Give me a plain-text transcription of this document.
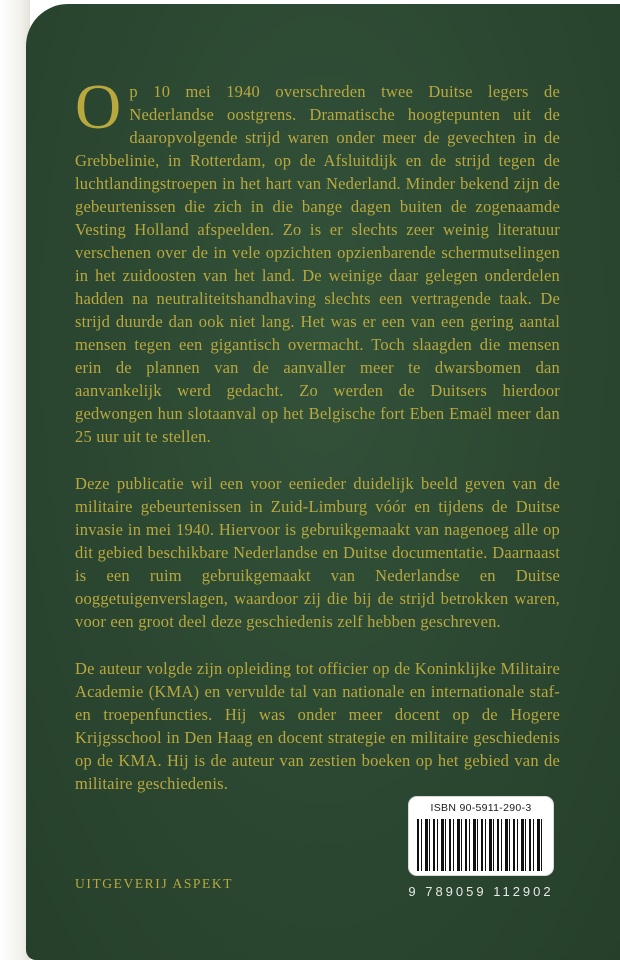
Op 10 mei 1940 overschreden twee Duitse legers de Nederlandse oostgrens. Dramatische hoogtepunten uit de daaropvolgende strijd waren onder meer de gevechten in de Grebbelinie, in Rotterdam, op de Afsluitdijk en de strijd tegen de luchtlandingstroepen in het hart van Nederland. Minder bekend zijn de gebeurtenissen die zich in die bange dagen buiten de zogenaamde Vesting Holland afspeelden. Zo is er slechts zeer weinig literatuur verschenen over de in vele opzichten opzienbarende schermutselingen in het zuidoosten van het land. De weinige daar gelegen onderdelen hadden na neutraliteitshandhaving slechts een vertragende taak. De strijd duurde dan ook niet lang. Het was er een van een gering aantal mensen tegen een gigantisch overmacht. Toch slaagden die mensen erin de plannen van de aanvaller meer te dwarsbomen dan aanvankelijk werd gedacht. Zo werden de Duitsers hierdoor gedwongen hun slotaanval op het Belgische fort Eben Emaël meer dan 25 uur uit te stellen.

Deze publicatie wil een voor eenieder duidelijk beeld geven van de militaire gebeurtenissen in Zuid-Limburg vóór en tijdens de Duitse invasie in mei 1940. Hiervoor is gebruikgemaakt van nagenoeg alle op dit gebied beschikbare Nederlandse en Duitse documentatie. Daarnaast is een ruim gebruikgemaakt van Nederlandse en Duitse ooggetuigenverslagen, waardoor zij die bij de strijd betrokken waren, voor een groot deel deze geschiedenis zelf hebben geschreven.

De auteur volgde zijn opleiding tot officier op de Koninklijke Militaire Academie (KMA) en vervulde tal van nationale en internationale staf- en troepenfuncties. Hij was onder meer docent op de Hogere Krijgsschool in Den Haag en docent strategie en militaire geschiedenis op de KMA. Hij is de auteur van zestien boeken op het gebied van de militaire geschiedenis.

UITGEVERIJ ASPEKT
ISBN 90-5911-290-3
9 789059 112902
